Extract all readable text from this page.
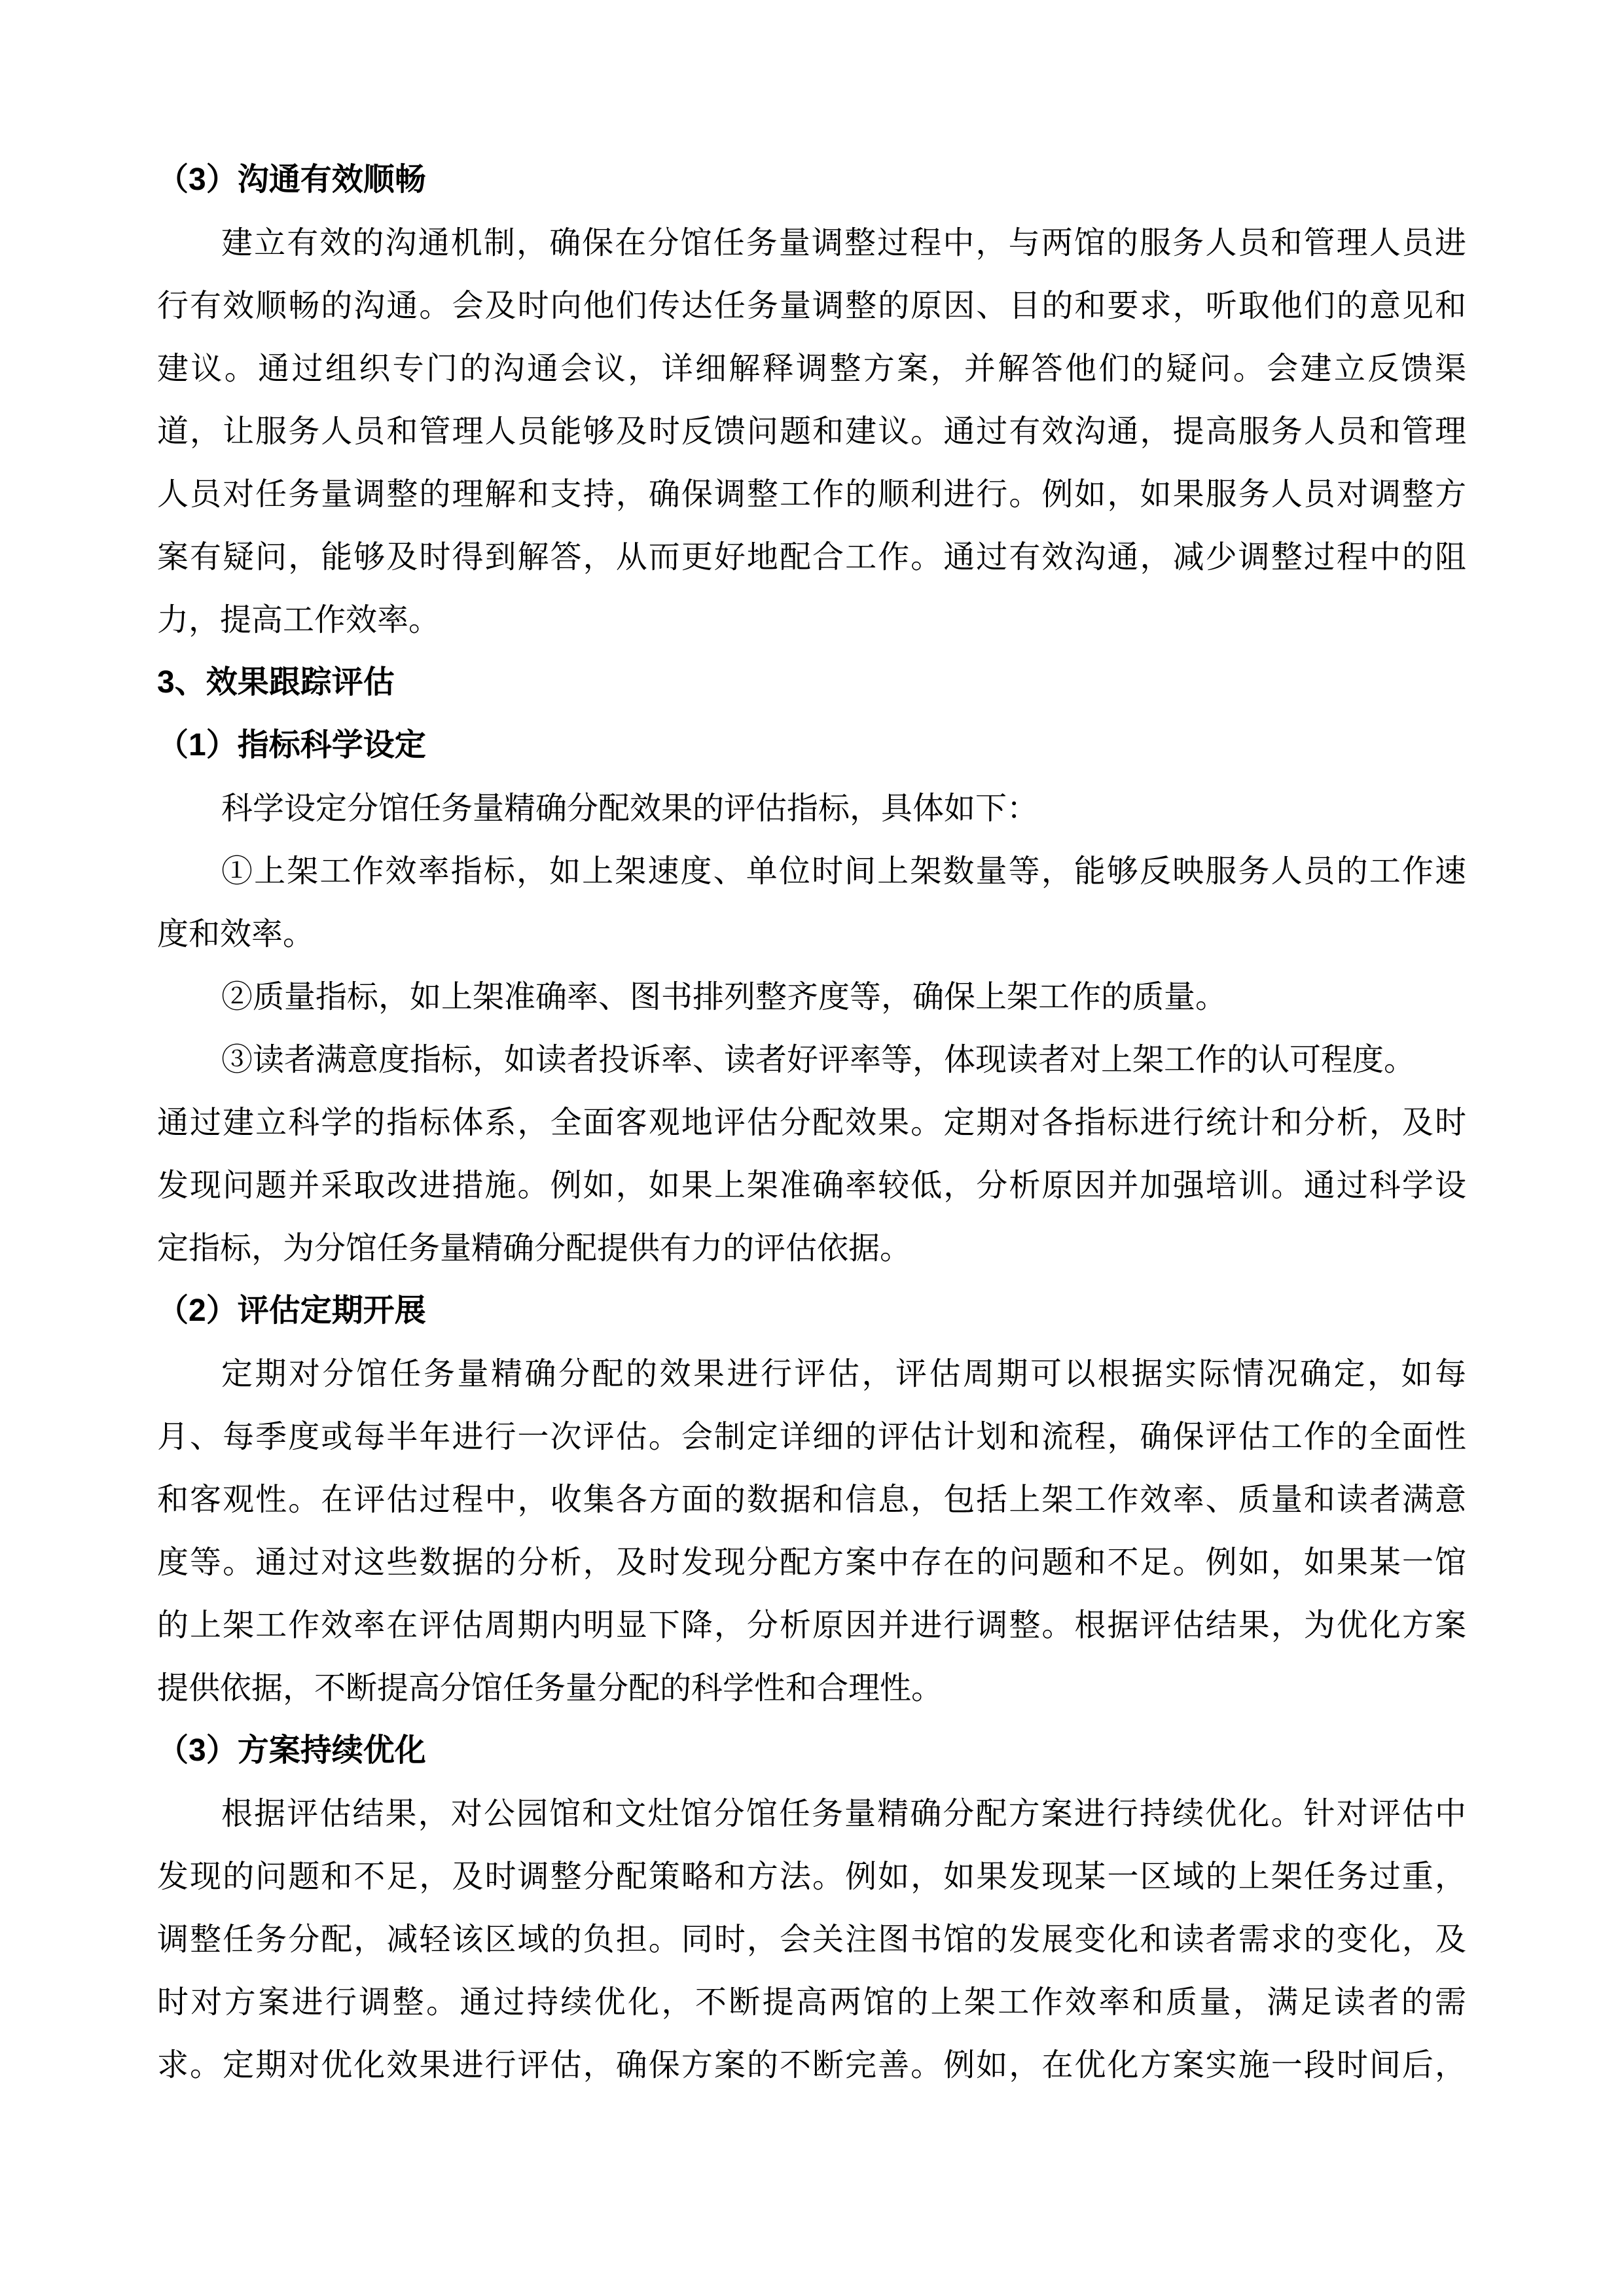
（3）沟通有效顺畅
建立有效的沟通机制，确保在分馆任务量调整过程中，与两馆的服务人员和管理人员进
行有效顺畅的沟通。会及时向他们传达任务量调整的原因、目的和要求，听取他们的意见和
建议。通过组织专门的沟通会议，详细解释调整方案，并解答他们的疑问。会建立反馈渠
道，让服务人员和管理人员能够及时反馈问题和建议。通过有效沟通，提高服务人员和管理
人员对任务量调整的理解和支持，确保调整工作的顺利进行。例如，如果服务人员对调整方
案有疑问，能够及时得到解答，从而更好地配合工作。通过有效沟通，减少调整过程中的阻
力，提高工作效率。
3、效果跟踪评估
（1）指标科学设定
科学设定分馆任务量精确分配效果的评估指标，具体如下：
①上架工作效率指标，如上架速度、单位时间上架数量等，能够反映服务人员的工作速
度和效率。
②质量指标，如上架准确率、图书排列整齐度等，确保上架工作的质量。
③读者满意度指标，如读者投诉率、读者好评率等，体现读者对上架工作的认可程度。
通过建立科学的指标体系，全面客观地评估分配效果。定期对各指标进行统计和分析，及时
发现问题并采取改进措施。例如，如果上架准确率较低，分析原因并加强培训。通过科学设
定指标，为分馆任务量精确分配提供有力的评估依据。
（2）评估定期开展
定期对分馆任务量精确分配的效果进行评估，评估周期可以根据实际情况确定，如每
月、每季度或每半年进行一次评估。会制定详细的评估计划和流程，确保评估工作的全面性
和客观性。在评估过程中，收集各方面的数据和信息，包括上架工作效率、质量和读者满意
度等。通过对这些数据的分析，及时发现分配方案中存在的问题和不足。例如，如果某一馆
的上架工作效率在评估周期内明显下降，分析原因并进行调整。根据评估结果，为优化方案
提供依据，不断提高分馆任务量分配的科学性和合理性。
（3）方案持续优化
根据评估结果，对公园馆和文灶馆分馆任务量精确分配方案进行持续优化。针对评估中
发现的问题和不足，及时调整分配策略和方法。例如，如果发现某一区域的上架任务过重，
调整任务分配，减轻该区域的负担。同时，会关注图书馆的发展变化和读者需求的变化，及
时对方案进行调整。通过持续优化，不断提高两馆的上架工作效率和质量，满足读者的需
求。定期对优化效果进行评估，确保方案的不断完善。例如，在优化方案实施一段时间后，
